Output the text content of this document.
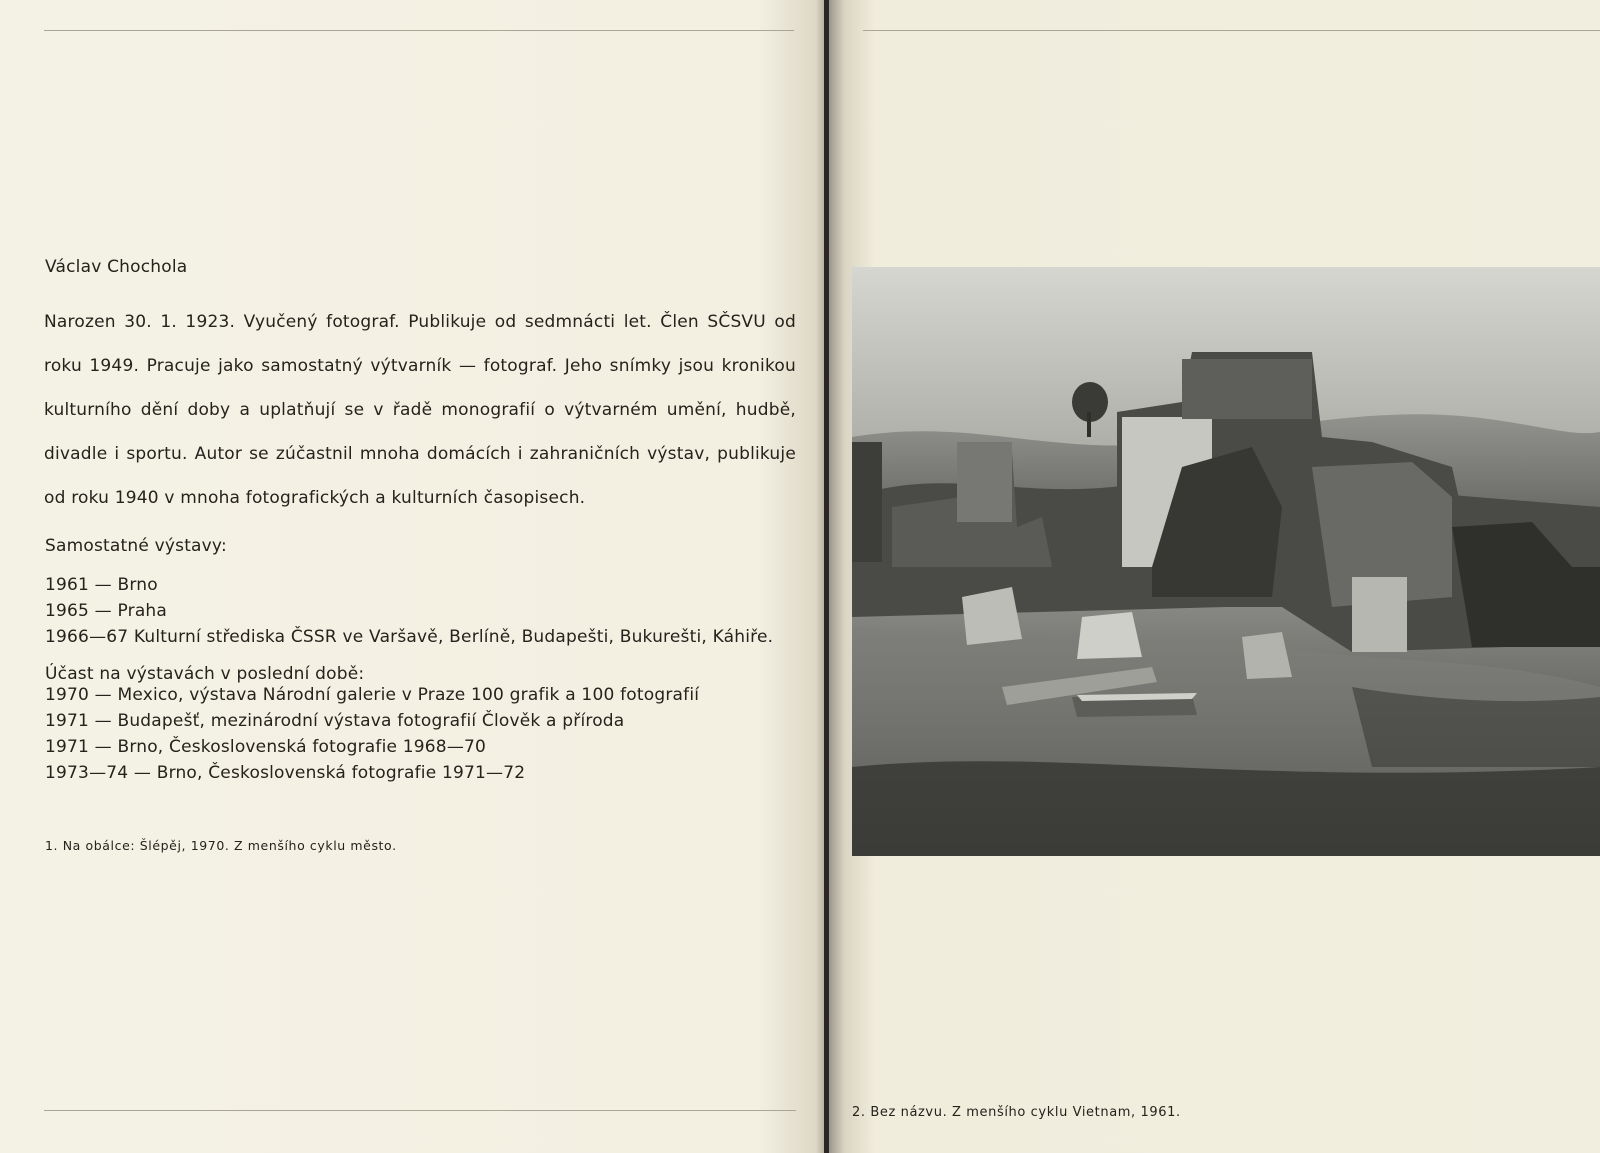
Václav Chochola
Narozen 30. 1. 1923. Vyučený fotograf. Publikuje od sedmnácti let. Člen SČSVU od roku 1949. Pracuje jako samostatný výtvarník — fotograf. Jeho snímky jsou kronikou kulturního dění doby a uplatňují se v řadě monografií o výtvarném umění, hudbě, divadle i sportu. Autor se zúčastnil mnoha domácích i zahraničních výstav, publikuje od roku 1940 v mnoha fotografických a kulturních časopisech.
Samostatné výstavy:
1961 — Brno
1965 — Praha
1966—67 Kulturní střediska ČSSR ve Varšavě, Berlíně, Budapešti, Bukurešti, Káhiře.
Účast na výstavách v poslední době:
1970 — Mexico, výstava Národní galerie v Praze 100 grafik a 100 fotografií
1971 — Budapešť, mezinárodní výstava fotografií Člověk a příroda
1971 — Brno, Československá fotografie 1968—70
1973—74 — Brno, Československá fotografie 1971—72
1. Na obálce: Šlépěj, 1970. Z menšího cyklu město.
2. Bez názvu. Z menšího cyklu Vietnam, 1961.
